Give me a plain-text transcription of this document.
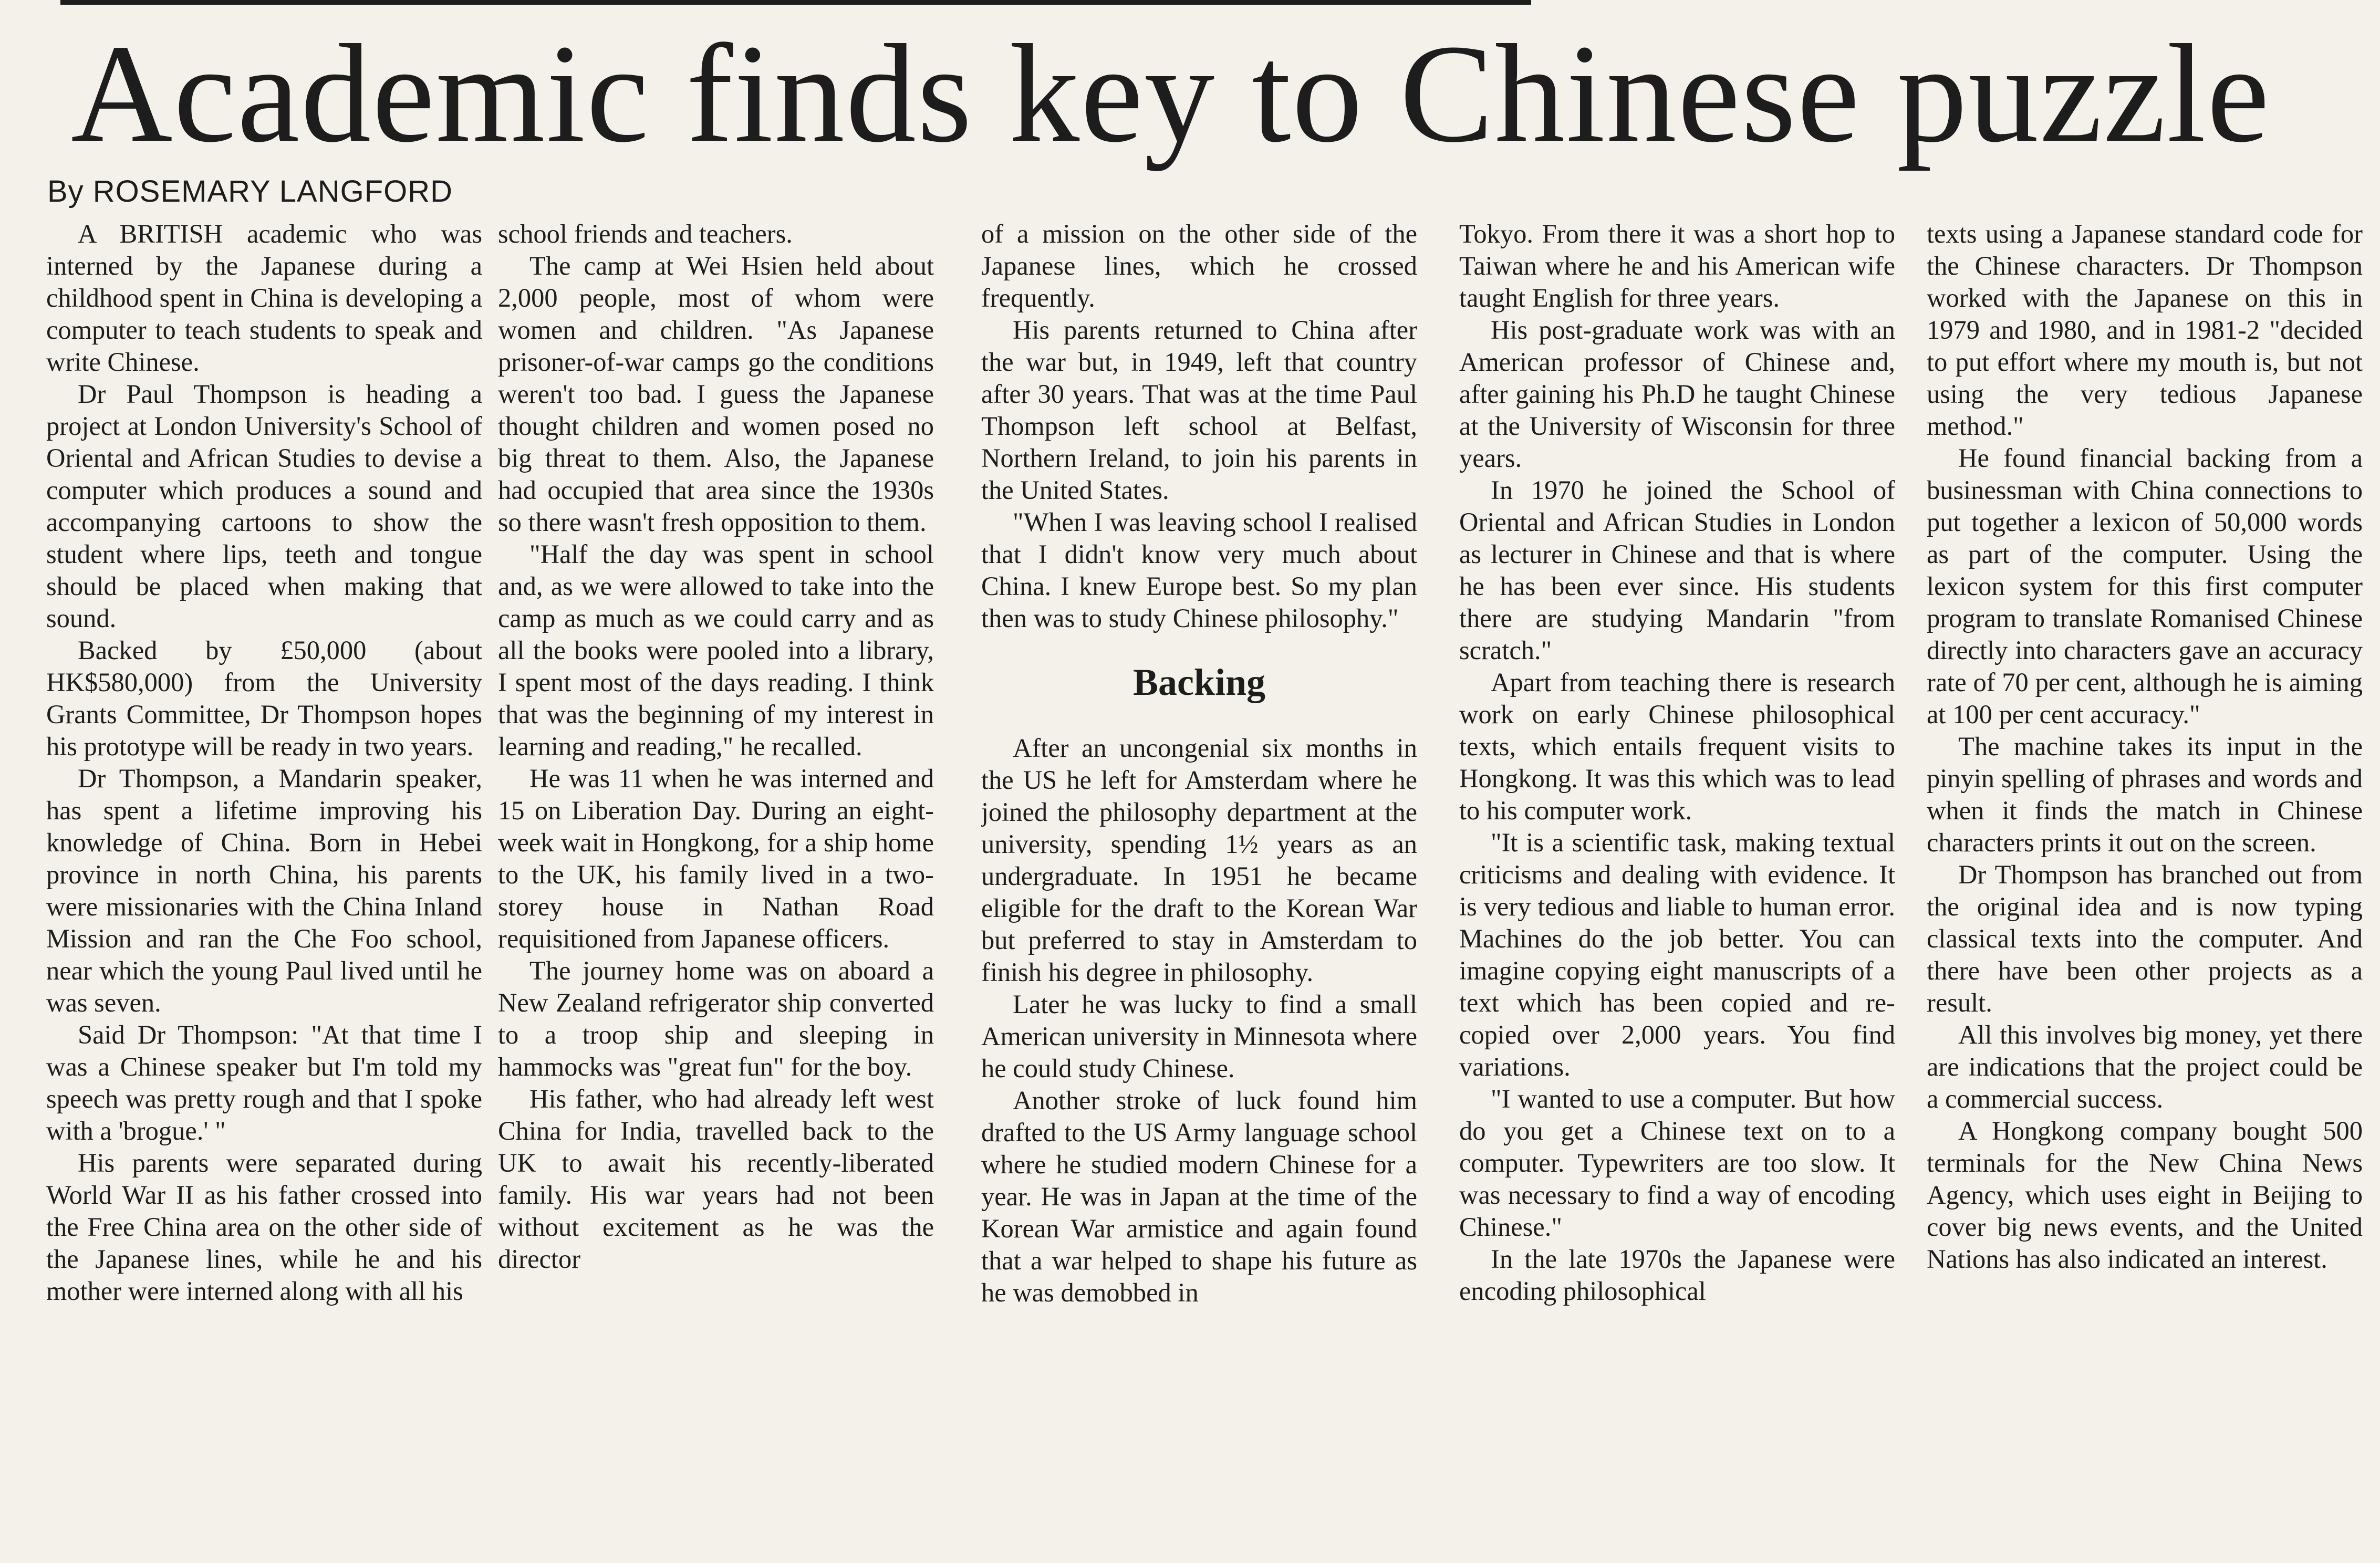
Academic finds key to Chinese puzzle
By ROSEMARY LANGFORD

A BRITISH academic who was interned by the Japanese during a childhood spent in China is developing a computer to teach students to speak and write Chinese.

Dr Paul Thompson is heading a project at London University's School of Oriental and African Studies to devise a computer which produces a sound and accompanying cartoons to show the student where lips, teeth and tongue should be placed when making that sound.

Backed by £50,000 (about HK$580,000) from the University Grants Committee, Dr Thompson hopes his prototype will be ready in two years.

Dr Thompson, a Mandarin speaker, has spent a lifetime improving his knowledge of China. Born in Hebei province in north China, his parents were missionaries with the China Inland Mission and ran the Che Foo school, near which the young Paul lived until he was seven.

Said Dr Thompson: "At that time I was a Chinese speaker but I'm told my speech was pretty rough and that I spoke with a 'brogue.' "

His parents were separated during World War II as his father crossed into the Free China area on the other side of the Japanese lines, while he and his mother were interned along with all his

school friends and teachers.

The camp at Wei Hsien held about 2,000 people, most of whom were women and children. "As Japanese prisoner-of-war camps go the conditions weren't too bad. I guess the Japanese thought children and women posed no big threat to them. Also, the Japanese had occupied that area since the 1930s so there wasn't fresh opposition to them.

"Half the day was spent in school and, as we were allowed to take into the camp as much as we could carry and as all the books were pooled into a library, I spent most of the days reading. I think that was the beginning of my interest in learning and reading," he recalled.

He was 11 when he was interned and 15 on Liberation Day. During an eight-week wait in Hongkong, for a ship home to the UK, his family lived in a two-storey house in Nathan Road requisitioned from Japanese officers.

The journey home was on aboard a New Zealand refrigerator ship converted to a troop ship and sleeping in hammocks was "great fun" for the boy.

His father, who had already left west China for India, travelled back to the UK to await his recently-liberated family. His war years had not been without excitement as he was the director

of a mission on the other side of the Japanese lines, which he crossed frequently.

His parents returned to China after the war but, in 1949, left that country after 30 years. That was at the time Paul Thompson left school at Belfast, Northern Ireland, to join his parents in the United States.

"When I was leaving school I realised that I didn't know very much about China. I knew Europe best. So my plan then was to study Chinese philosophy."

Backing

After an uncongenial six months in the US he left for Amsterdam where he joined the philosophy department at the university, spending 1½ years as an undergraduate. In 1951 he became eligible for the draft to the Korean War but preferred to stay in Amsterdam to finish his degree in philosophy.

Later he was lucky to find a small American university in Minnesota where he could study Chinese.

Another stroke of luck found him drafted to the US Army language school where he studied modern Chinese for a year. He was in Japan at the time of the Korean War armistice and again found that a war helped to shape his future as he was demobbed in

Tokyo. From there it was a short hop to Taiwan where he and his American wife taught English for three years.

His post-graduate work was with an American professor of Chinese and, after gaining his Ph.D he taught Chinese at the University of Wisconsin for three years.

In 1970 he joined the School of Oriental and African Studies in London as lecturer in Chinese and that is where he has been ever since. His students there are studying Mandarin "from scratch."

Apart from teaching there is research work on early Chinese philosophical texts, which entails frequent visits to Hongkong. It was this which was to lead to his computer work.

"It is a scientific task, making textual criticisms and dealing with evidence. It is very tedious and liable to human error. Machines do the job better. You can imagine copying eight manuscripts of a text which has been copied and re-copied over 2,000 years. You find variations.

"I wanted to use a computer. But how do you get a Chinese text on to a computer. Typewriters are too slow. It was necessary to find a way of encoding Chinese."

In the late 1970s the Japanese were encoding philosophical

texts using a Japanese standard code for the Chinese characters. Dr Thompson worked with the Japanese on this in 1979 and 1980, and in 1981-2 "decided to put effort where my mouth is, but not using the very tedious Japanese method."

He found financial backing from a businessman with China connections to put together a lexicon of 50,000 words as part of the computer. Using the lexicon system for this first computer program to translate Romanised Chinese directly into characters gave an accuracy rate of 70 per cent, although he is aiming at 100 per cent accuracy."

The machine takes its input in the pinyin spelling of phrases and words and when it finds the match in Chinese characters prints it out on the screen.

Dr Thompson has branched out from the original idea and is now typing classical texts into the computer. And there have been other projects as a result.

All this involves big money, yet there are indications that the project could be a commercial success.

A Hongkong company bought 500 terminals for the New China News Agency, which uses eight in Beijing to cover big news events, and the United Nations has also indicated an interest.
